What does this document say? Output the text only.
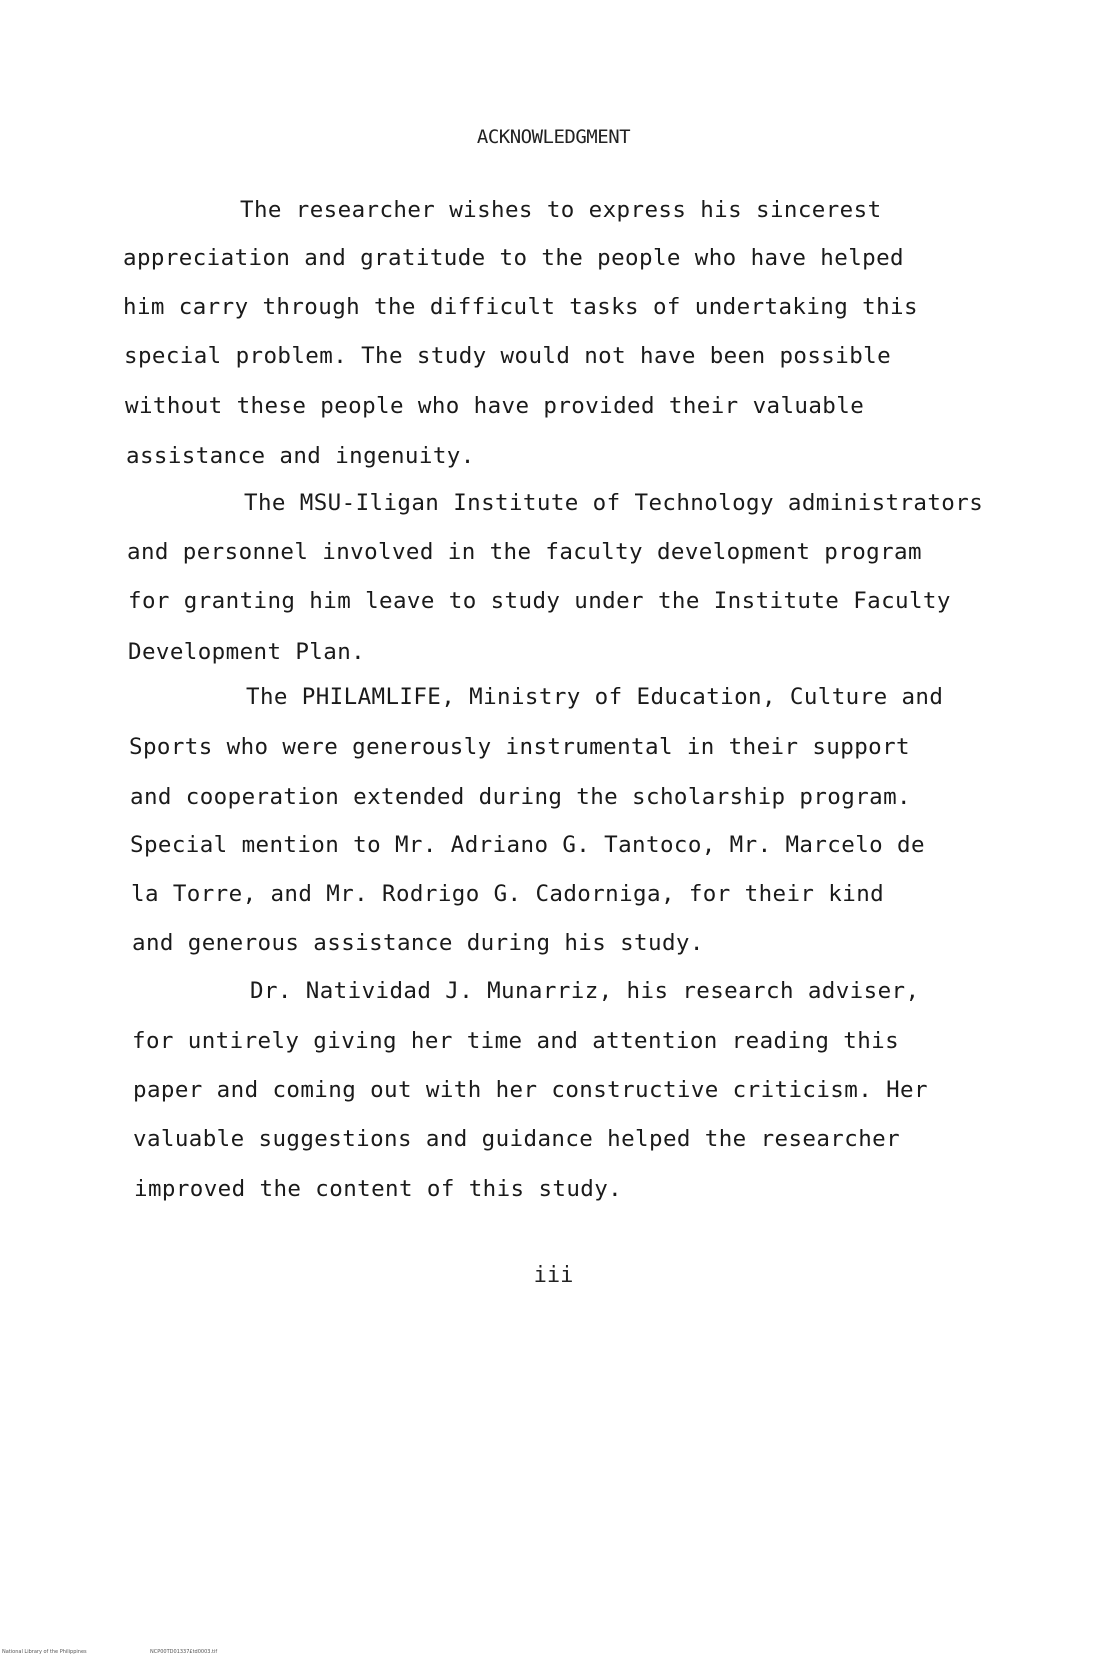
ACKNOWLEDGMENT
The researcher wishes to express his sincerest
appreciation and gratitude to the people who have helped
him carry through the difficult tasks of undertaking this
special problem. The study would not have been possible
without these people who have provided their valuable
assistance and ingenuity.
The MSU-Iligan Institute of Technology administrators
and personnel involved in the faculty development program
for granting him leave to study under the Institute Faculty
Development Plan.
The PHILAMLIFE, Ministry of Education, Culture and
Sports who were generously instrumental in their support
and cooperation extended during the scholarship program.
Special mention to Mr. Adriano G. Tantoco, Mr. Marcelo de
la Torre, and Mr. Rodrigo G. Cadorniga, for their kind
and generous assistance during his study.
Dr. Natividad J. Munarriz, his research adviser,
for untirely giving her time and attention reading this
paper and coming out with her constructive criticism. Her
valuable suggestions and guidance helped the researcher
improved the content of this study.
iii
National Library of the Philippines	NCP00TD01337£td0003.tif
